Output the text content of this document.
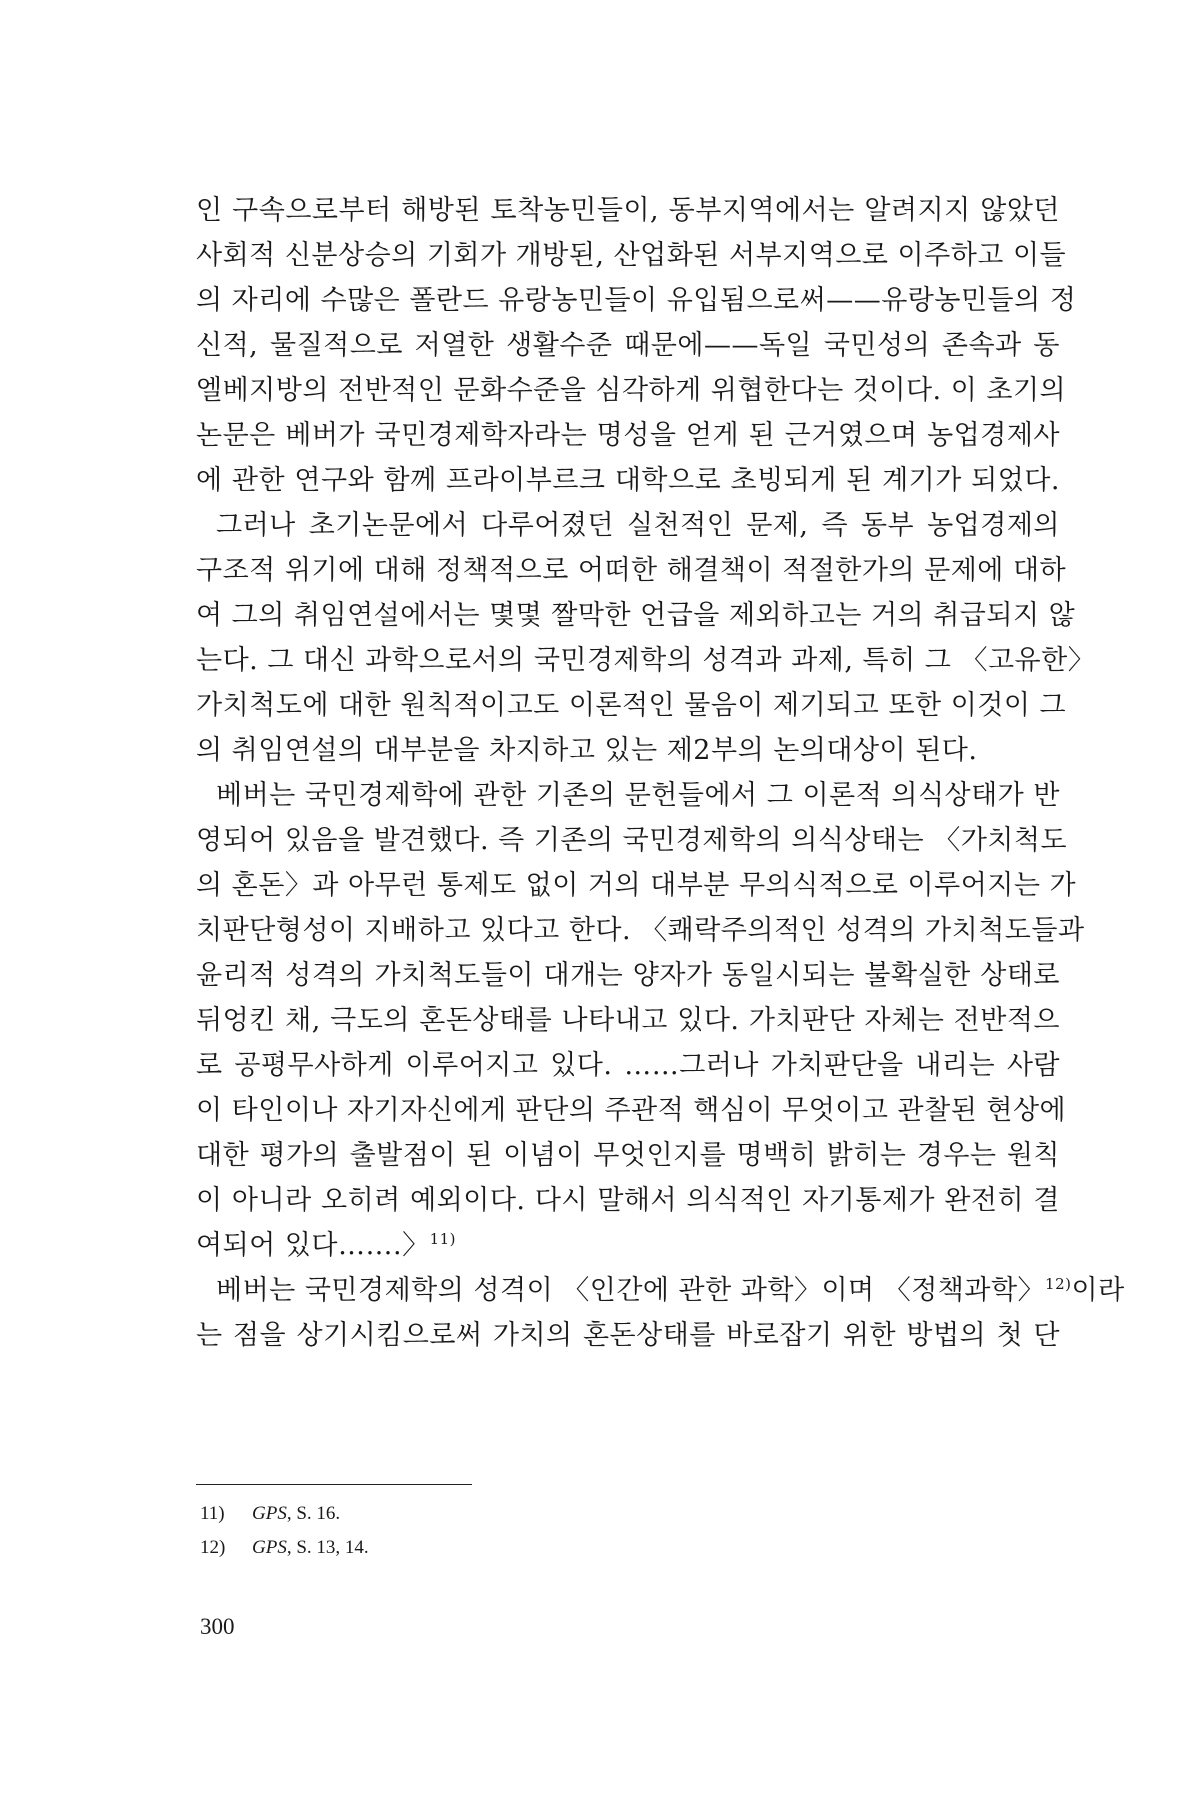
인 구속으로부터 해방된 토착농민들이, 동부지역에서는 알려지지 않았던
사회적 신분상승의 기회가 개방된, 산업화된 서부지역으로 이주하고 이들
의 자리에 수많은 폴란드 유랑농민들이 유입됨으로써——유랑농민들의 정
신적, 물질적으로 저열한 생활수준 때문에——독일 국민성의 존속과 동
엘베지방의 전반적인 문화수준을 심각하게 위협한다는 것이다. 이 초기의
논문은 베버가 국민경제학자라는 명성을 얻게 된 근거였으며 농업경제사
에 관한 연구와 함께 프라이부르크 대학으로 초빙되게 된 계기가 되었다.
그러나 초기논문에서 다루어졌던 실천적인 문제, 즉 동부 농업경제의
구조적 위기에 대해 정책적으로 어떠한 해결책이 적절한가의 문제에 대하
여 그의 취임연설에서는 몇몇 짤막한 언급을 제외하고는 거의 취급되지 않
는다. 그 대신 과학으로서의 국민경제학의 성격과 과제, 특히 그 〈고유한〉
가치척도에 대한 원칙적이고도 이론적인 물음이 제기되고 또한 이것이 그
의 취임연설의 대부분을 차지하고 있는 제2부의 논의대상이 된다.
베버는 국민경제학에 관한 기존의 문헌들에서 그 이론적 의식상태가 반
영되어 있음을 발견했다. 즉 기존의 국민경제학의 의식상태는 〈가치척도
의 혼돈〉과 아무런 통제도 없이 거의 대부분 무의식적으로 이루어지는 가
치판단형성이 지배하고 있다고 한다. 〈쾌락주의적인 성격의 가치척도들과
윤리적 성격의 가치척도들이 대개는 양자가 동일시되는 불확실한 상태로
뒤엉킨 채, 극도의 혼돈상태를 나타내고 있다. 가치판단 자체는 전반적으
로 공평무사하게 이루어지고 있다. ……그러나 가치판단을 내리는 사람
이 타인이나 자기자신에게 판단의 주관적 핵심이 무엇이고 관찰된 현상에
대한 평가의 출발점이 된 이념이 무엇인지를 명백히 밝히는 경우는 원칙
이 아니라 오히려 예외이다. 다시 말해서 의식적인 자기통제가 완전히 결
여되어 있다…….〉$^{11)}$
베버는 국민경제학의 성격이 〈인간에 관한 과학〉이며 〈정책과학〉$^{12)}$이라
는 점을 상기시킴으로써 가치의 혼돈상태를 바로잡기 위한 방법의 첫 단
11) GPS, S. 16.
12) GPS, S. 13, 14.
300
